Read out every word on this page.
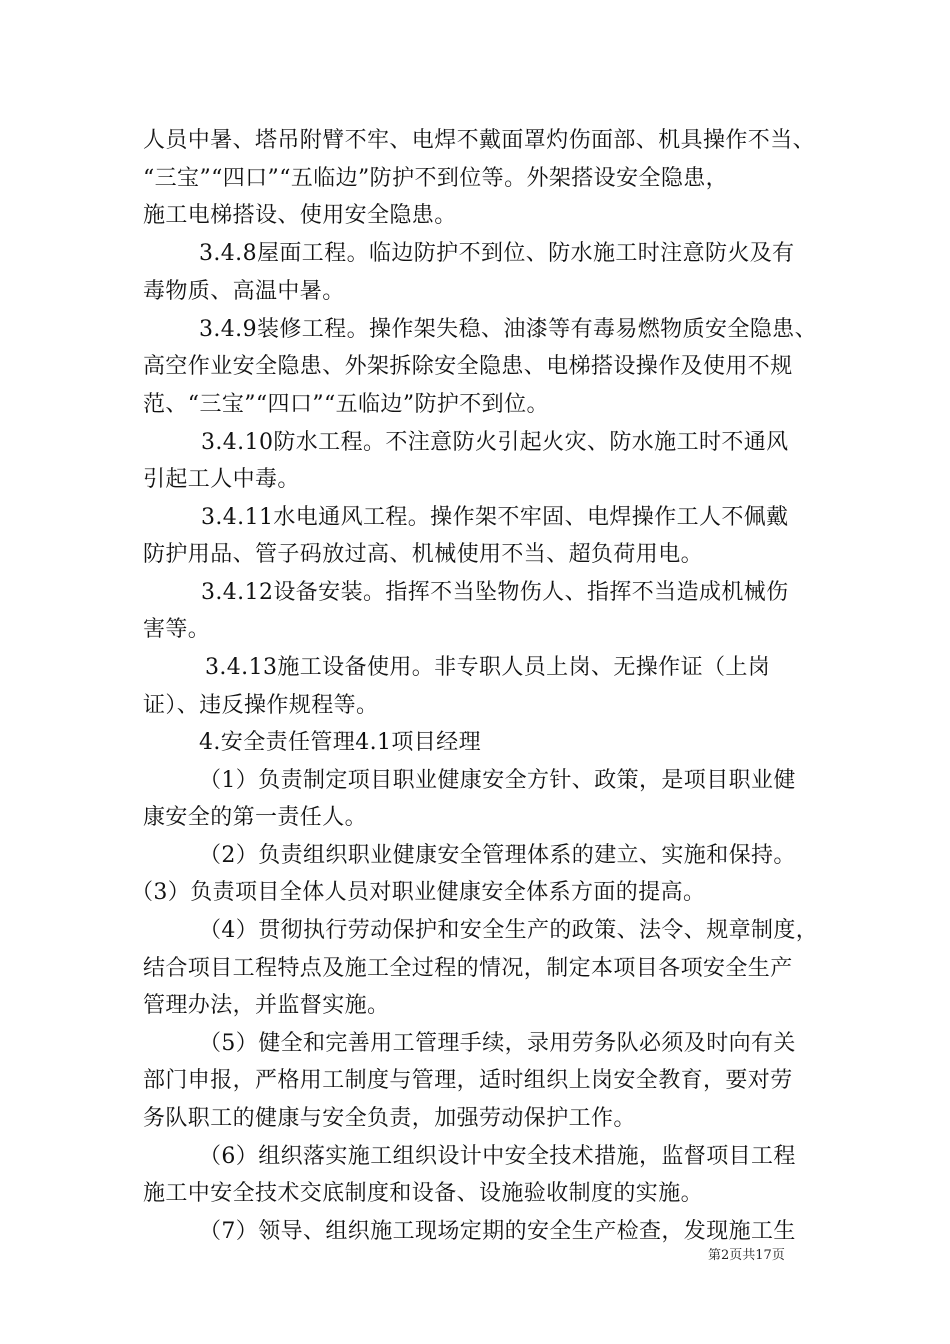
人员中暑、塔吊附臂不牢、电焊不戴面罩灼伤面部、机具操作不当、
“三宝”“四口”“五临边”防护不到位等。外架搭设安全隐患，
施工电梯搭设、使用安全隐患。
3.4.8屋面工程。临边防护不到位、防水施工时注意防火及有
毒物质、高温中暑。
3.4.9装修工程。操作架失稳、油漆等有毒易燃物质安全隐患、
高空作业安全隐患、外架拆除安全隐患、电梯搭设操作及使用不规
范、“三宝”“四口”“五临边”防护不到位。
3.4.10防水工程。不注意防火引起火灾、防水施工时不通风
引起工人中毒。
3.4.11水电通风工程。操作架不牢固、电焊操作工人不佩戴
防护用品、管子码放过高、机械使用不当、超负荷用电。
3.4.12设备安装。指挥不当坠物伤人、指挥不当造成机械伤
害等。
3.4.13施工设备使用。非专职人员上岗、无操作证（上岗
证）、违反操作规程等。
4.安全责任管理4.1项目经理
（1）负责制定项目职业健康安全方针、政策，是项目职业健
康安全的第一责任人。
（2）负责组织职业健康安全管理体系的建立、实施和保持。
（3）负责项目全体人员对职业健康安全体系方面的提高。
（4）贯彻执行劳动保护和安全生产的政策、法令、规章制度，
结合项目工程特点及施工全过程的情况，制定本项目各项安全生产
管理办法，并监督实施。
（5）健全和完善用工管理手续，录用劳务队必须及时向有关
部门申报，严格用工制度与管理，适时组织上岗安全教育，要对劳
务队职工的健康与安全负责，加强劳动保护工作。
（6）组织落实施工组织设计中安全技术措施，监督项目工程
施工中安全技术交底制度和设备、设施验收制度的实施。
（7）领导、组织施工现场定期的安全生产检查，发现施工生
第2页共17页
